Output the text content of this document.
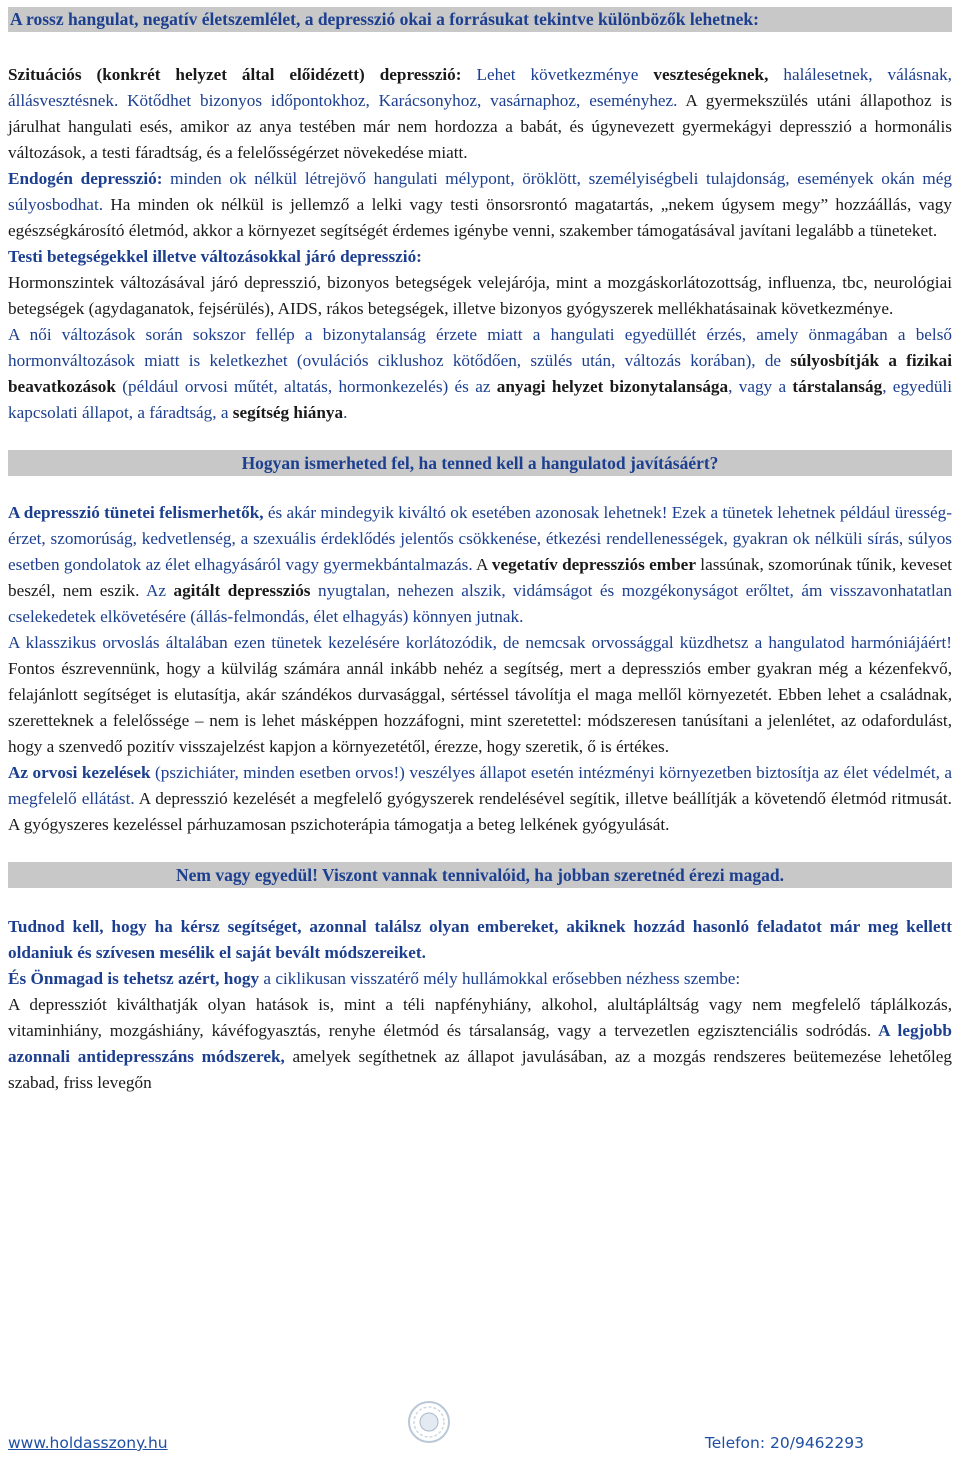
A rossz hangulat, negatív életszemlélet, a depresszió okai a forrásukat tekintve különbözők lehetnek:

Szituációs (konkrét helyzet által előidézett) depresszió: Lehet következménye veszteségeknek, halálesetnek, válásnak, állásvesztésnek. Kötődhet bizonyos időpontokhoz, Karácsonyhoz, vasárnaphoz, eseményhez. A gyermekszülés utáni állapothoz is járulhat hangulati esés, amikor az anya testében már nem hordozza a babát, és úgynevezett gyermekágyi depresszió a hormonális változások, a testi fáradtság, és a felelősségérzet növekedése miatt.

Endogén depresszió: minden ok nélkül létrejövő hangulati mélypont, öröklött, személyiségbeli tulajdonság, események okán még súlyosbodhat. Ha minden ok nélkül is jellemző a lelki vagy testi önsorsrontó magatartás, „nekem úgysem megy” hozzáállás, vagy egészségkárosító életmód, akkor a környezet segítségét érdemes igénybe venni, szakember támogatásával javítani legalább a tüneteket.

Testi betegségekkel illetve változásokkal járó depresszió:
Hormonszintek változásával járó depresszió, bizonyos betegségek velejárója, mint a mozgáskorlátozottság, influenza, tbc, neurológiai betegségek (agydaganatok, fejsérülés), AIDS, rákos betegségek, illetve bizonyos gyógyszerek mellékhatásainak következménye.

A női változások során sokszor fellép a bizonytalanság érzete miatt a hangulati egyedüllét érzés, amely önmagában a belső hormonváltozások miatt is keletkezhet (ovulációs ciklushoz kötődően, szülés után, változás korában), de súlyosbítják a fizikai beavatkozások (például orvosi műtét, altatás, hormonkezelés) és az anyagi helyzet bizonytalansága, vagy a társtalanság, egyedüli kapcsolati állapot, a fáradtság, a segítség hiánya.

Hogyan ismerheted fel, ha tenned kell a hangulatod javításáért?

A depresszió tünetei felismerhetők, és akár mindegyik kiváltó ok esetében azonosak lehetnek! Ezek a tünetek lehetnek például üresség-érzet, szomorúság, kedvetlenség, a szexuális érdeklődés jelentős csökkenése, étkezési rendellenességek, gyakran ok nélküli sírás, súlyos esetben gondolatok az élet elhagyásáról vagy gyermekbántalmazás. A vegetatív depressziós ember lassúnak, szomorúnak tűnik, keveset beszél, nem eszik. Az agitált depressziós nyugtalan, nehezen alszik, vidámságot és mozgékonyságot erőltet, ám visszavonhatatlan cselekedetek elkövetésére (állás-felmondás, élet elhagyás) könnyen jutnak.

A klasszikus orvoslás általában ezen tünetek kezelésére korlátozódik, de nemcsak orvossággal küzdhetsz a hangulatod harmóniájáért! Fontos észrevennünk, hogy a külvilág számára annál inkább nehéz a segítség, mert a depressziós ember gyakran még a kézenfekvő, felajánlott segítséget is elutasítja, akár szándékos durvasággal, sértéssel távolítja el maga mellől környezetét. Ebben lehet a családnak, szeretteknek a felelőssége – nem is lehet másképpen hozzáfogni, mint szeretettel: módszeresen tanúsítani a jelenlétet, az odafordulást, hogy a szenvedő pozitív visszajelzést kapjon a környezetétől, érezze, hogy szeretik, ő is értékes.

Az orvosi kezelések (pszichiáter, minden esetben orvos!) veszélyes állapot esetén intézményi környezetben biztosítja az élet védelmét, a megfelelő ellátást. A depresszió kezelését a megfelelő gyógyszerek rendelésével segítik, illetve beállítják a követendő életmód ritmusát. A gyógyszeres kezeléssel párhuzamosan pszichoterápia támogatja a beteg lelkének gyógyulását.

Nem vagy egyedül! Viszont vannak tennivalóid, ha jobban szeretnéd érezi magad.

Tudnod kell, hogy ha kérsz segítséget, azonnal találsz olyan embereket, akiknek hozzád hasonló feladatot már meg kellett oldaniuk és szívesen mesélik el saját bevált módszereiket.

És Önmagad is tehetsz azért, hogy a ciklikusan visszatérő mély hullámokkal erősebben nézhess szembe:
A depressziót kiválthatják olyan hatások is, mint a téli napfényhiány, alkohol, alultápláltság vagy nem megfelelő táplálkozás, vitaminhiány, mozgáshiány, kávéfogyasztás, renyhe életmód és társalanság, vagy a tervezetlen egzisztenciális sodródás. A legjobb azonnali antidepresszáns módszerek, amelyek segíthetnek az állapot javulásában, az a mozgás rendszeres beütemezése lehetőleg szabad, friss levegőn

www.holdasszony.hu	Telefon: 20/9462293
